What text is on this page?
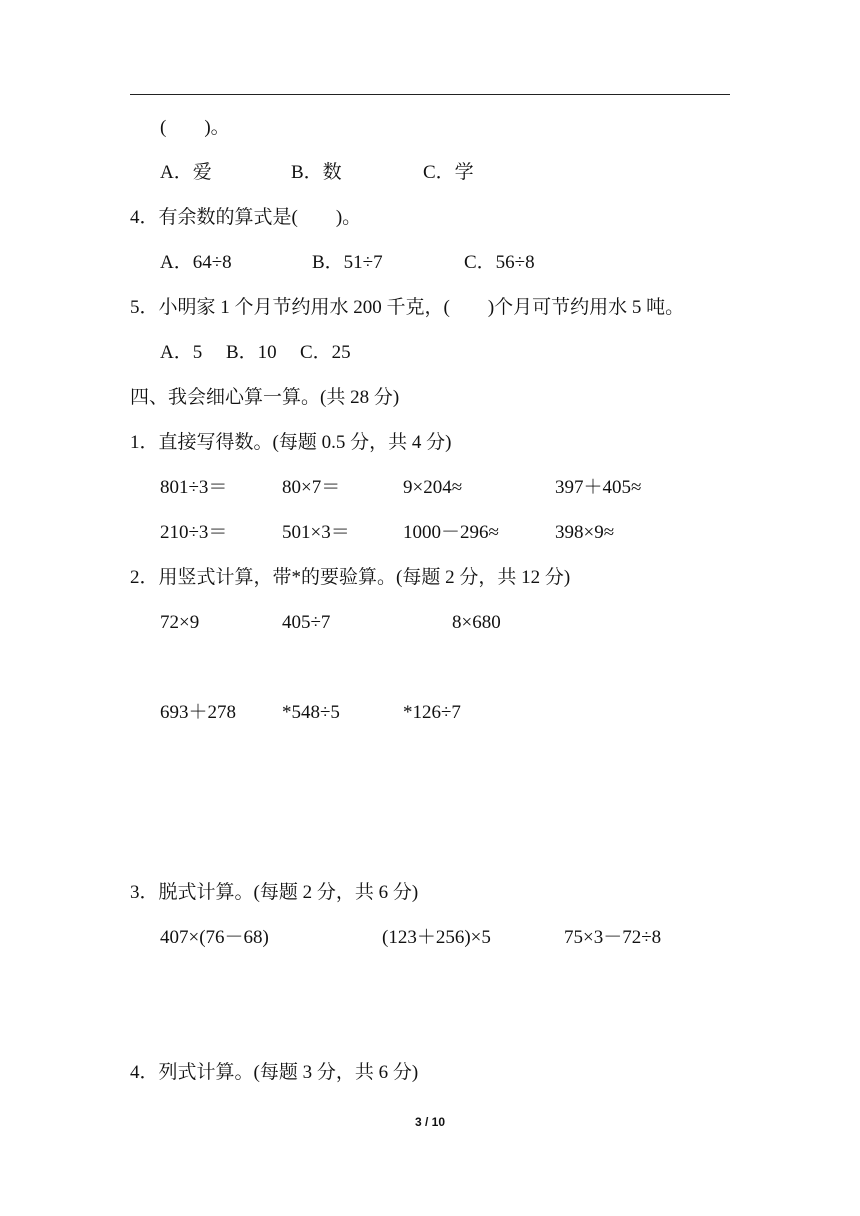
(　　)。
A．爱	B．数	C．学
4．有余数的算式是(　　)。
A．64÷8	B．51÷7	C．56÷8
5．小明家 1 个月节约用水 200 千克，(　　)个月可节约用水 5 吨。
A．5 B．10 C．25
四、我会细心算一算。(共 28 分)
1．直接写得数。(每题 0.5 分，共 4 分)
801÷3＝	80×7＝	9×204≈	397＋405≈
210÷3＝	501×3＝	1000－296≈	398×9≈
2．用竖式计算，带*的要验算。(每题 2 分，共 12 分)
72×9	405÷7	8×680
693＋278 *548÷5	*126÷7
3．脱式计算。(每题 2 分，共 6 分)
407×(76－68)	(123＋256)×5	75×3－72÷8
4．列式计算。(每题 3 分，共 6 分)
3 / 10
